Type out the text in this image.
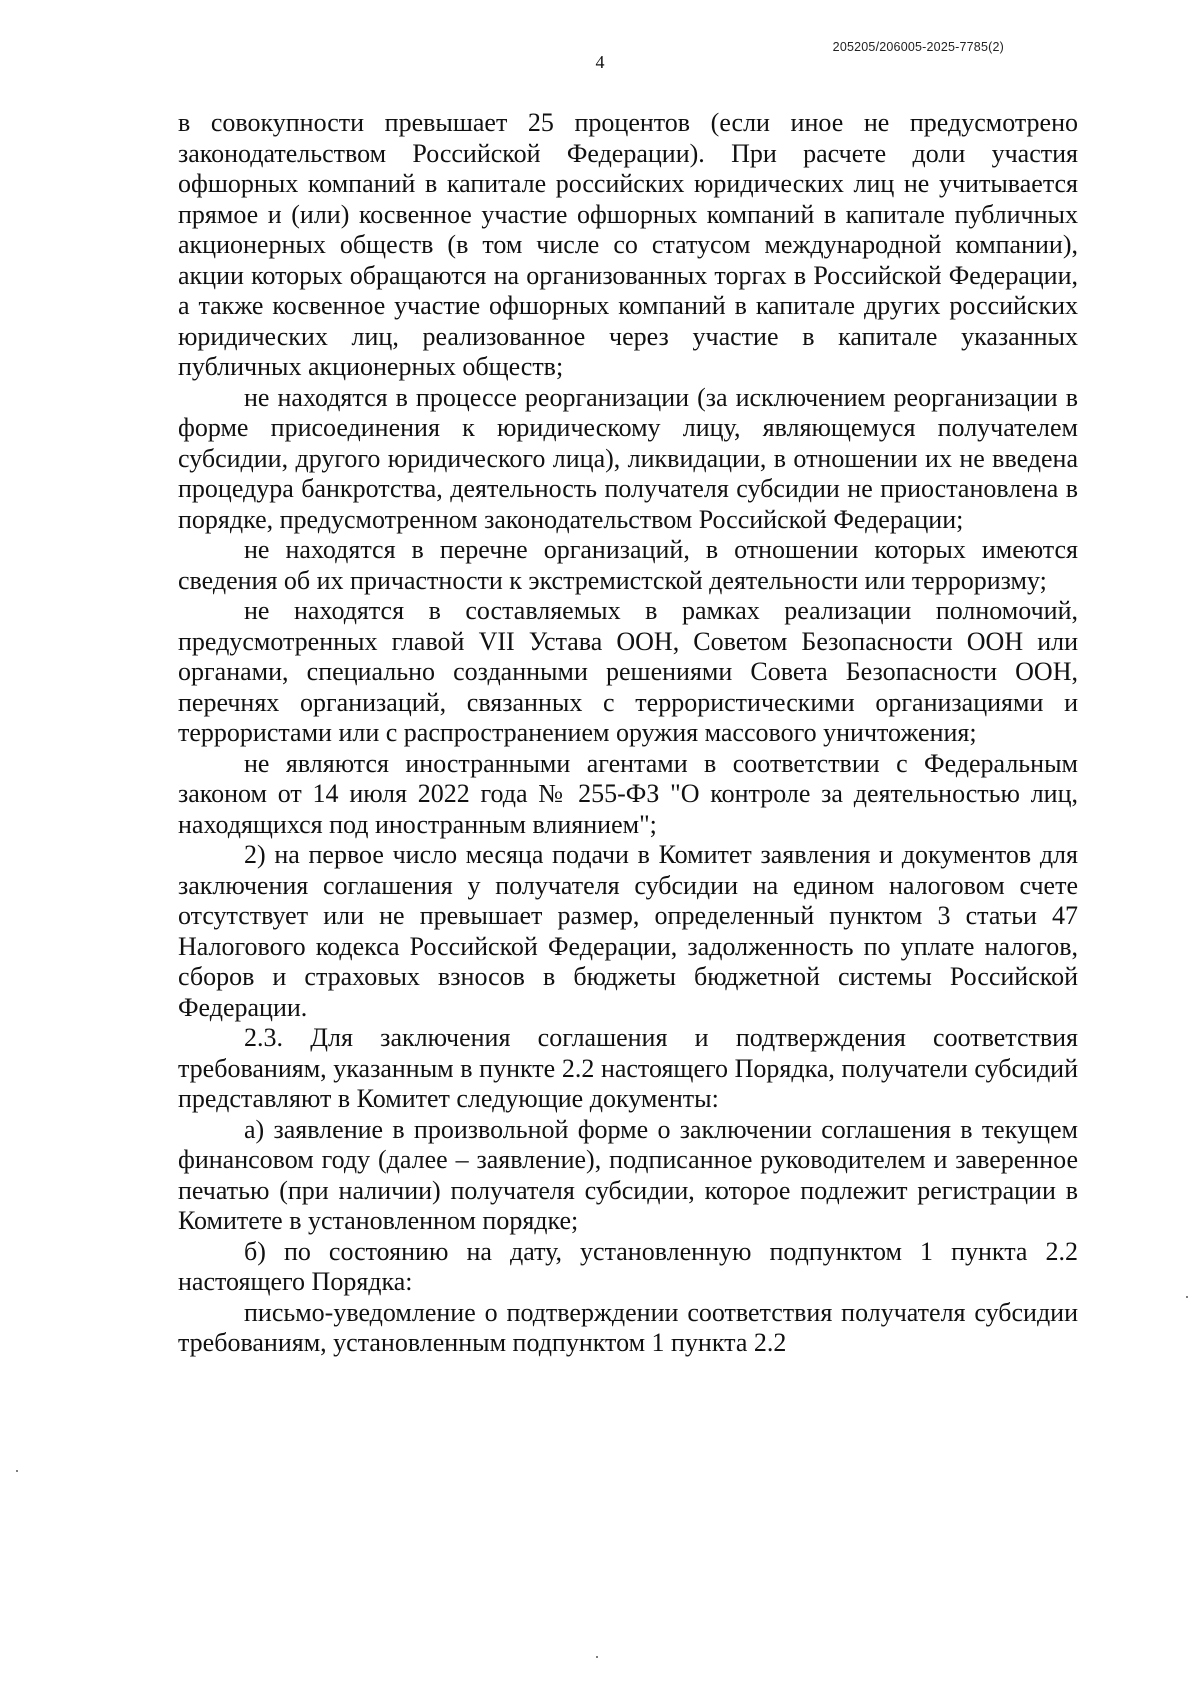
205205/206005-2025-7785(2)
4

в совокупности превышает 25 процентов (если иное не предусмотрено законодательством Российской Федерации). При расчете доли участия офшорных компаний в капитале российских юридических лиц не учитывается прямое и (или) косвенное участие офшорных компаний в капитале публичных акционерных обществ (в том числе со статусом международной компании), акции которых обращаются на организованных торгах в Российской Федерации, а также косвенное участие офшорных компаний в капитале других российских юридических лиц, реализованное через участие в капитале указанных публичных акционерных обществ;

не находятся в процессе реорганизации (за исключением реорганизации в форме присоединения к юридическому лицу, являющемуся получателем субсидии, другого юридического лица), ликвидации, в отношении их не введена процедура банкротства, деятельность получателя субсидии не приостановлена в порядке, предусмотренном законодательством Российской Федерации;

не находятся в перечне организаций, в отношении которых имеются сведения об их причастности к экстремистской деятельности или терроризму;

не находятся в составляемых в рамках реализации полномочий, предусмотренных главой VII Устава ООН, Советом Безопасности ООН или органами, специально созданными решениями Совета Безопасности ООН, перечнях организаций, связанных с террористическими организациями и террористами или с распространением оружия массового уничтожения;

не являются иностранными агентами в соответствии с Федеральным законом от 14 июля 2022 года № 255-ФЗ "О контроле за деятельностью лиц, находящихся под иностранным влиянием";

2) на первое число месяца подачи в Комитет заявления и документов для заключения соглашения у получателя субсидии на едином налоговом счете отсутствует или не превышает размер, определенный пунктом 3 статьи 47 Налогового кодекса Российской Федерации, задолженность по уплате налогов, сборов и страховых взносов в бюджеты бюджетной системы Российской Федерации.

2.3. Для заключения соглашения и подтверждения соответствия требованиям, указанным в пункте 2.2 настоящего Порядка, получатели субсидий представляют в Комитет следующие документы:

а) заявление в произвольной форме о заключении соглашения в текущем финансовом году (далее – заявление), подписанное руководителем и заверенное печатью (при наличии) получателя субсидии, которое подлежит регистрации в Комитете в установленном порядке;

б) по состоянию на дату, установленную подпунктом 1 пункта 2.2 настоящего Порядка:

письмо-уведомление о подтверждении соответствия получателя субсидии требованиям, установленным подпунктом 1 пункта 2.2
